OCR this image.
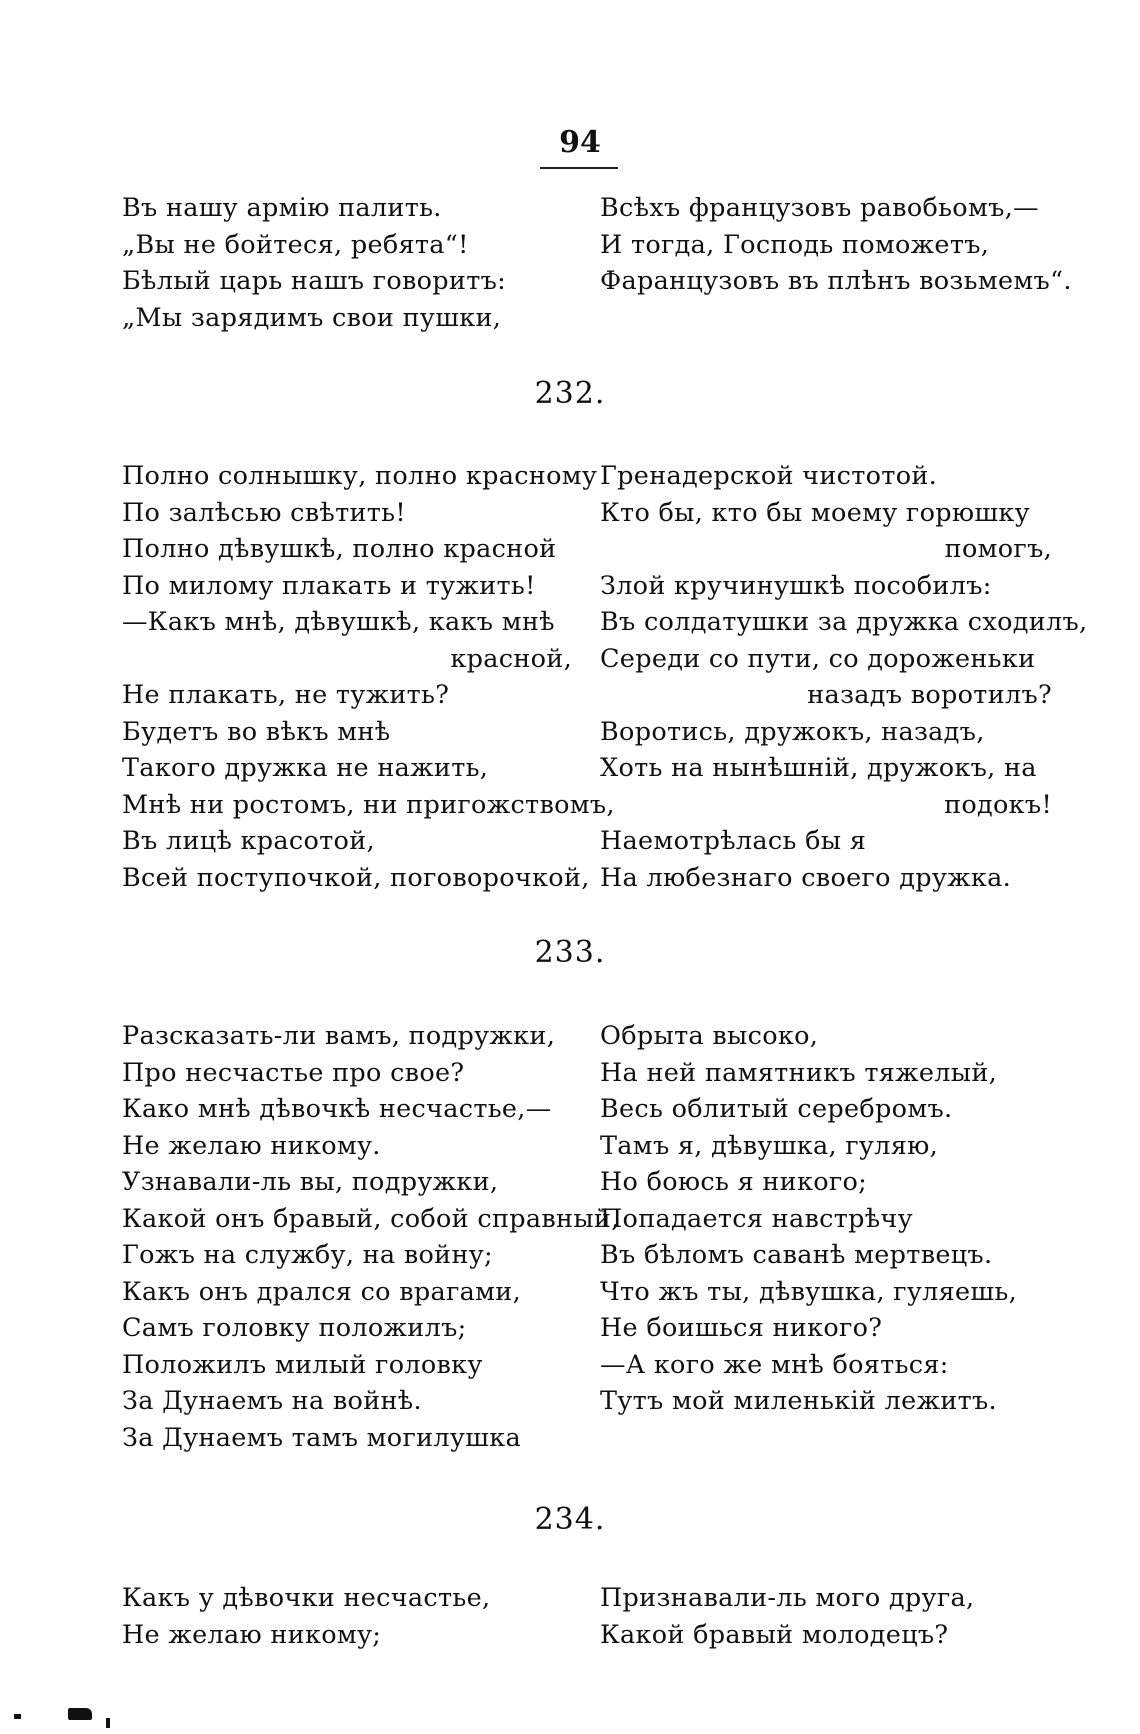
94
Въ нашу армію палить.
„Вы не бойтеся, ребята“!
Бѣлый царь нашъ говоритъ:
„Мы зарядимъ свои пушки,
Всѣхъ французовъ равобьомъ,—
И тогда, Господь поможетъ,
Фаранцузовъ въ плѣнъ возьмемъ“.
232.
Полно солнышку, полно красному
По залѣсью свѣтить!
Полно дѣвушкѣ, полно красной
По милому плакать и тужить!
—Какъ мнѣ, дѣвушкѣ, какъ мнѣ
красной,
Не плакать, не тужить?
Будетъ во вѣкъ мнѣ
Такого дружка не нажить,
Мнѣ ни ростомъ, ни пригожствомъ,
Въ лицѣ красотой,
Всей поступочкой, поговорочкой,
Гренадерской чистотой.
Кто бы, кто бы моему горюшку
помогъ,
Злой кручинушкѣ пособилъ:
Въ солдатушки за дружка сходилъ,
Середи со пути, со дороженьки
назадъ воротилъ?
Воротись, дружокъ, назадъ,
Хоть на нынѣшній, дружокъ, на
подокъ!
Наемотрѣлась бы я
На любезнаго своего дружка.
233.
Разсказать-ли вамъ, подружки,
Про несчастье про свое?
Како мнѣ дѣвочкѣ несчастье,—
Не желаю никому.
Узнавали-ль вы, подружки,
Какой онъ бравый, собой справный,
Гожъ на службу, на войну;
Какъ онъ дрался со врагами,
Самъ головку положилъ;
Положилъ милый головку
За Дунаемъ на войнѣ.
За Дунаемъ тамъ могилушка
Обрыта высоко,
На ней памятникъ тяжелый,
Весь облитый серебромъ.
Тамъ я, дѣвушка, гуляю,
Но боюсь я никого;
Попадается навстрѣчу
Въ бѣломъ саванѣ мертвецъ.
Что жъ ты, дѣвушка, гуляешь,
Не боишься никого?
—А кого же мнѣ бояться:
Тутъ мой миленькій лежитъ.
234.
Какъ у дѣвочки несчастье,
Не желаю никому;
Признавали-ль мого друга,
Какой бравый молодецъ?
